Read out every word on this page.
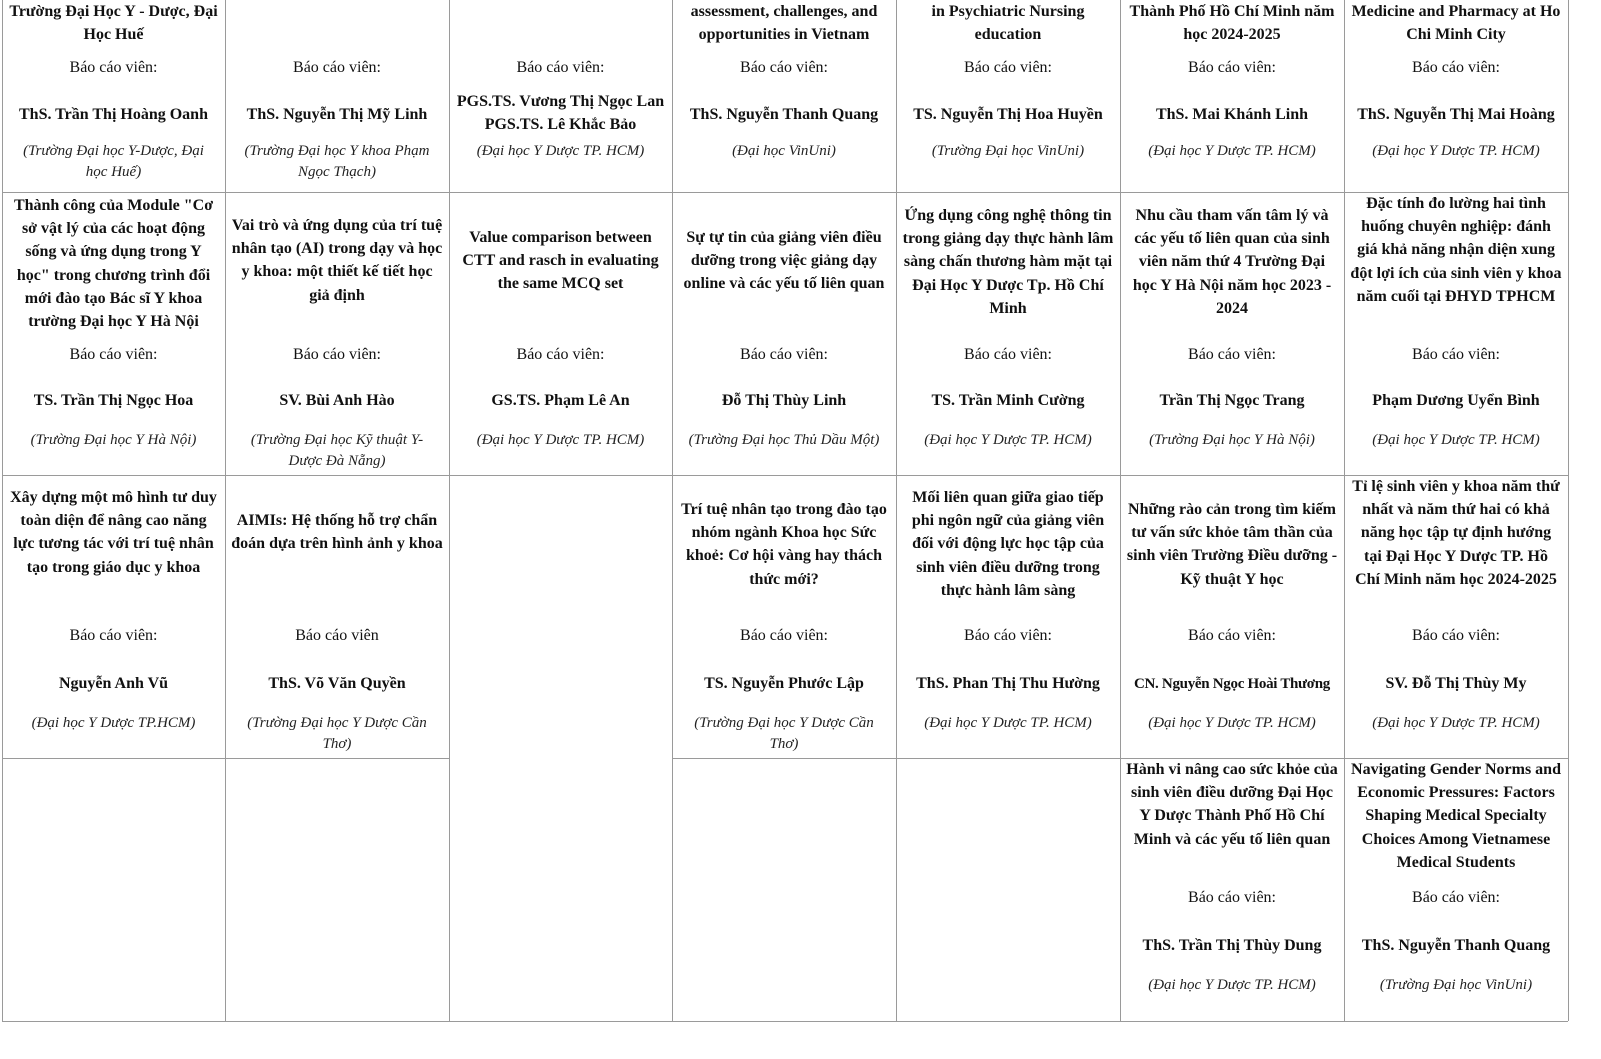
Trường Đại Học Y - Dược, Đại Học Huế
Báo cáo viên:
ThS. Trần Thị Hoàng Oanh
(Trường Đại học Y-Dược, Đại học Huế)
Báo cáo viên:
ThS. Nguyễn Thị Mỹ Linh
(Trường Đại học Y khoa Phạm Ngọc Thạch)
Báo cáo viên:
PGS.TS. Vương Thị Ngọc Lan PGS.TS. Lê Khắc Bảo
(Đại học Y Dược TP. HCM)
assessment, challenges, and opportunities in Vietnam
Báo cáo viên:
ThS. Nguyễn Thanh Quang
(Đại học VinUni)
in Psychiatric Nursing education
Báo cáo viên:
TS. Nguyễn Thị Hoa Huyền
(Trường Đại học VinUni)
Thành Phố Hồ Chí Minh năm học 2024-2025
Báo cáo viên:
ThS. Mai Khánh Linh
(Đại học Y Dược TP. HCM)
Medicine and Pharmacy at Ho Chi Minh City
Báo cáo viên:
ThS. Nguyễn Thị Mai Hoàng
(Đại học Y Dược TP. HCM)
Thành công của Module "Cơ sở vật lý của các hoạt động sống và ứng dụng trong Y học" trong chương trình đổi mới đào tạo Bác sĩ Y khoa trường Đại học Y Hà Nội
Báo cáo viên:
TS. Trần Thị Ngọc Hoa
(Trường Đại học Y Hà Nội)
Vai trò và ứng dụng của trí tuệ nhân tạo (AI) trong dạy và học y khoa: một thiết kế tiết học giả định
Báo cáo viên:
SV. Bùi Anh Hào
(Trường Đại học Kỹ thuật Y-Dược Đà Nẵng)
Value comparison between CTT and rasch in evaluating the same MCQ set
Báo cáo viên:
GS.TS. Phạm Lê An
(Đại học Y Dược TP. HCM)
Sự tự tin của giảng viên điều dưỡng trong việc giảng dạy online và các yếu tố liên quan
Báo cáo viên:
Đỗ Thị Thùy Linh
(Trường Đại học Thủ Dầu Một)
Ứng dụng công nghệ thông tin trong giảng dạy thực hành lâm sàng chấn thương hàm mặt tại Đại Học Y Dược Tp. Hồ Chí Minh
Báo cáo viên:
TS. Trần Minh Cường
(Đại học Y Dược TP. HCM)
Nhu cầu tham vấn tâm lý và các yếu tố liên quan của sinh viên năm thứ 4 Trường Đại học Y Hà Nội năm học 2023 - 2024
Báo cáo viên:
Trần Thị Ngọc Trang
(Trường Đại học Y Hà Nội)
Đặc tính đo lường hai tình huống chuyên nghiệp: đánh giá khả năng nhận diện xung đột lợi ích của sinh viên y khoa năm cuối tại ĐHYD TPHCM
Báo cáo viên:
Phạm Dương Uyển Bình
(Đại học Y Dược TP. HCM)
Xây dựng một mô hình tư duy toàn diện để nâng cao năng lực tương tác với trí tuệ nhân tạo trong giáo dục y khoa
Báo cáo viên:
Nguyễn Anh Vũ
(Đại học Y Dược TP.HCM)
AIMIs: Hệ thống hỗ trợ chẩn đoán dựa trên hình ảnh y khoa
Báo cáo viên
ThS. Võ Văn Quyền
(Trường Đại học Y Dược Cần Thơ)
Trí tuệ nhân tạo trong đào tạo nhóm ngành Khoa học Sức khoẻ: Cơ hội vàng hay thách thức mới?
Báo cáo viên:
TS. Nguyễn Phước Lập
(Trường Đại học Y Dược Cần Thơ)
Mối liên quan giữa giao tiếp phi ngôn ngữ của giảng viên đối với động lực học tập của sinh viên điều dưỡng trong thực hành lâm sàng
Báo cáo viên:
ThS. Phan Thị Thu Hường
(Đại học Y Dược TP. HCM)
Những rào cản trong tìm kiếm tư vấn sức khỏe tâm thần của sinh viên Trường Điều dưỡng - Kỹ thuật Y học
Báo cáo viên:
CN. Nguyễn Ngọc Hoài Thương
(Đại học Y Dược TP. HCM)
Tỉ lệ sinh viên y khoa năm thứ nhất và năm thứ hai có khả năng học tập tự định hướng tại Đại Học Y Dược TP. Hồ Chí Minh năm học 2024-2025
Báo cáo viên:
SV. Đỗ Thị Thùy My
(Đại học Y Dược TP. HCM)
Hành vi nâng cao sức khỏe của sinh viên điều dưỡng Đại Học Y Dược Thành Phố Hồ Chí Minh và các yếu tố liên quan
Báo cáo viên:
ThS. Trần Thị Thùy Dung
(Đại học Y Dược TP. HCM)
Navigating Gender Norms and Economic Pressures: Factors Shaping Medical Specialty Choices Among Vietnamese Medical Students
Báo cáo viên:
ThS. Nguyễn Thanh Quang
(Trường Đại học VinUni)
